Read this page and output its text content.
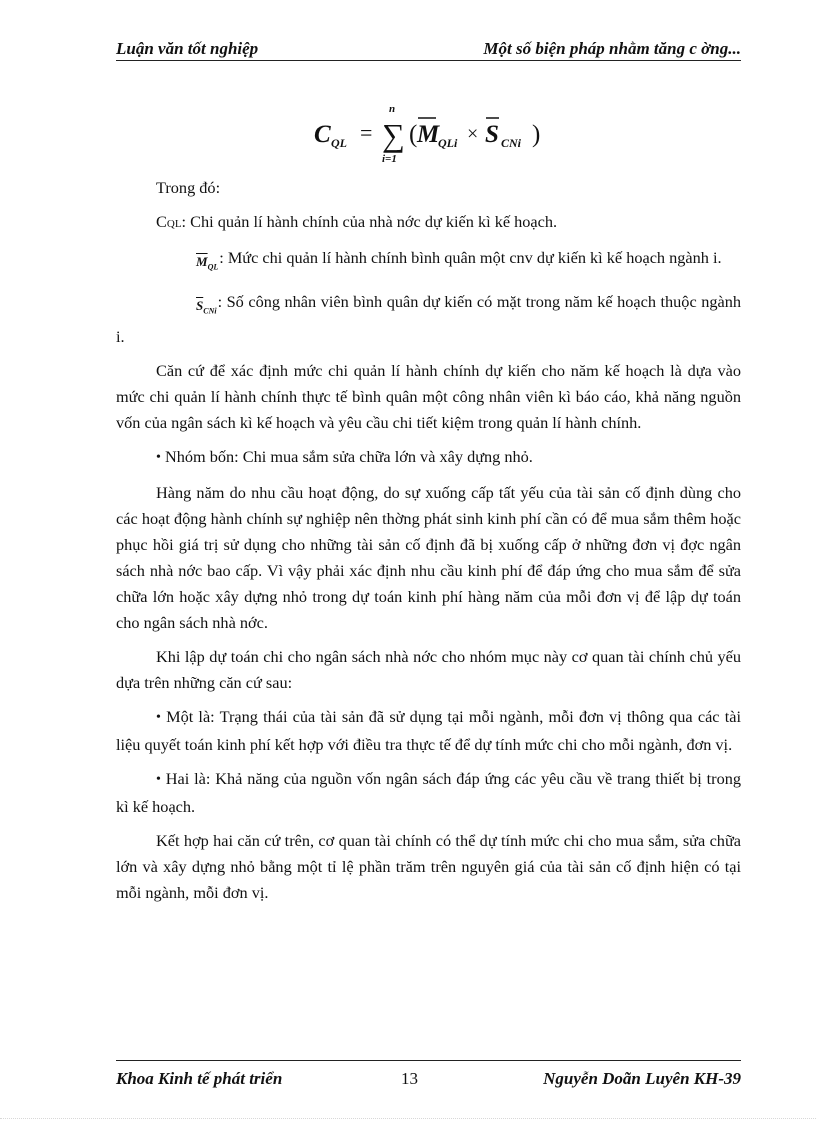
Luận văn tốt nghiệp	Một số biện pháp nhằm tăng c ờng...
C QL =
n
∑
i=1
( M
QLi × S CNi )

Trong đó:

CQL: Chi quản lí hành chính của nhà nớc dự kiến kì kế hoạch.

$\overline{M}_{QL}$: Mức chi quản lí hành chính bình quân một cnv dự kiến kì kế hoạch ngành i.

$\overline{S}_{CNi}$: Số công nhân viên bình quân dự kiến có mặt trong năm kế hoạch thuộc ngành i.

Căn cứ để xác định mức chi quản lí hành chính dự kiến cho năm kế hoạch là dựa vào mức chi quản lí hành chính thực tế bình quân một công nhân viên kì báo cáo, khả năng nguồn vốn của ngân sách kì kế hoạch và yêu cầu chi tiết kiệm trong quản lí hành chính.

• Nhóm bốn: Chi mua sắm sửa chữa lớn và xây dựng nhỏ.

Hàng năm do nhu cầu hoạt động, do sự xuống cấp tất yếu của tài sản cố định dùng cho các hoạt động hành chính sự nghiệp nên thờng phát sinh kinh phí cần có để mua sắm thêm hoặc phục hồi giá trị sử dụng cho những tài sản cố định đã bị xuống cấp ở những đơn vị đợc ngân sách nhà nớc bao cấp. Vì vậy phải xác định nhu cầu kinh phí để đáp ứng cho mua sắm để sửa chữa lớn hoặc xây dựng nhỏ trong dự toán kinh phí hàng năm của mỗi đơn vị để lập dự toán cho ngân sách nhà nớc.

Khi lập dự toán chi cho ngân sách nhà nớc cho nhóm mục này cơ quan tài chính chủ yếu dựa trên những căn cứ sau:

• Một là: Trạng thái của tài sản đã sử dụng tại mỗi ngành, mỗi đơn vị thông qua các tài liệu quyết toán kinh phí kết hợp với điều tra thực tế để dự tính mức chi cho mỗi ngành, đơn vị.

• Hai là: Khả năng của nguồn vốn ngân sách đáp ứng các yêu cầu về trang thiết bị trong kì kế hoạch.

Kết hợp hai căn cứ trên, cơ quan tài chính có thể dự tính mức chi cho mua sắm, sửa chữa lớn và xây dựng nhỏ bằng một tỉ lệ phần trăm trên nguyên giá của tài sản cố định hiện có tại mỗi ngành, mỗi đơn vị.

Khoa Kinh tế phát triển	13	Nguyễn Doãn Luyên KH-39
